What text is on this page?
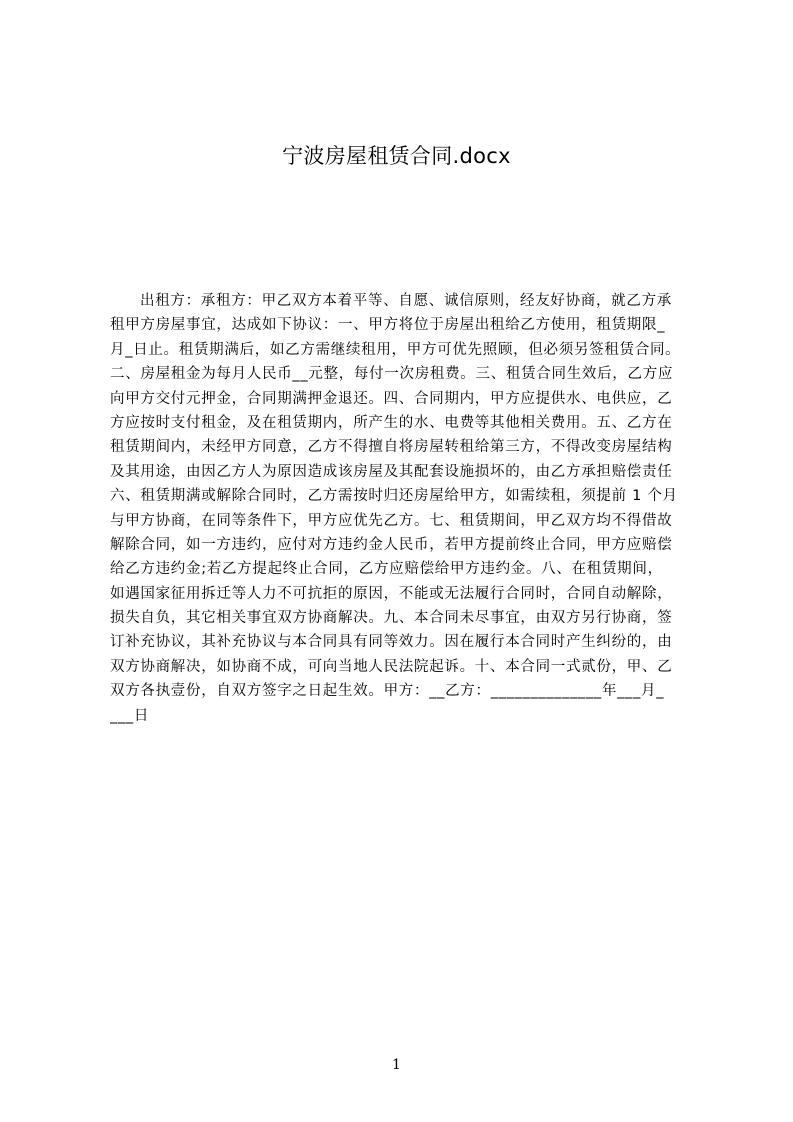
宁波房屋租赁合同.docx
出租方：承租方：甲乙双方本着平等、自愿、诚信原则，经友好协商，就乙方承
租甲方房屋事宜，达成如下协议：一、甲方将位于房屋出租给乙方使用，租赁期限_
月_日止。租赁期满后，如乙方需继续租用，甲方可优先照顾，但必须另签租赁合同。
二、房屋租金为每月人民币__元整，每付一次房租费。三、租赁合同生效后，乙方应
向甲方交付元押金，合同期满押金退还。四、合同期内，甲方应提供水、电供应，乙
方应按时支付租金，及在租赁期内，所产生的水、电费等其他相关费用。五、乙方在
租赁期间内，未经甲方同意，乙方不得擅自将房屋转租给第三方，不得改变房屋结构
及其用途，由因乙方人为原因造成该房屋及其配套设施损坏的，由乙方承担赔偿责任
六、租赁期满或解除合同时，乙方需按时归还房屋给甲方，如需续租，须提前 1 个月
与甲方协商，在同等条件下，甲方应优先乙方。七、租赁期间，甲乙双方均不得借故
解除合同，如一方违约，应付对方违约金人民币，若甲方提前终止合同，甲方应赔偿
给乙方违约金;若乙方提起终止合同，乙方应赔偿给甲方违约金。八、在租赁期间，
如遇国家征用拆迁等人力不可抗拒的原因，不能或无法履行合同时，合同自动解除，
损失自负，其它相关事宜双方协商解决。九、本合同未尽事宜，由双方另行协商，签
订补充协议，其补充协议与本合同具有同等效力。因在履行本合同时产生纠纷的，由
双方协商解决，如协商不成，可向当地人民法院起诉。十、本合同一式贰份，甲、乙
双方各执壹份，自双方签字之日起生效。甲方：__乙方：______________年___月_
___日
1
